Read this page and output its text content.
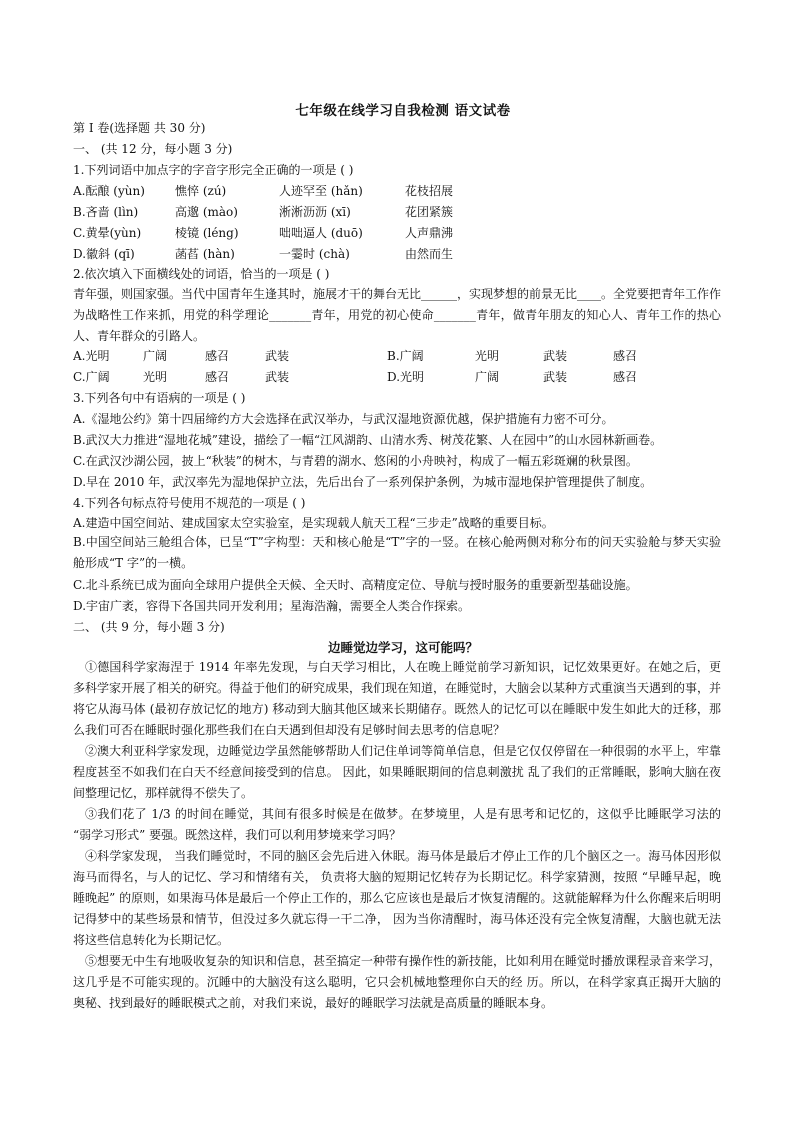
七年级在线学习自我检测 语文试卷
第 I 卷(选择题 共 30 分)
一、 (共 12 分，每小题 3 分)
1.下列词语中加点字的字音字形完全正确的一项是 ( )
A.酝酿 (yùn)	憔悴 (zú)	人迹罕至 (hǎn)	花枝招展
B.吝啬 (lìn)	高邈 (mào)	淅淅沥沥 (xī)	花团紧簇
C.黄晕(yùn)	棱镜 (léng)	咄咄逼人 (duō)	人声鼎沸
D.徽斜 (qī)	菡萏 (hàn)	一霎时 (chà)	由然而生
2.依次填入下面横线处的词语，恰当的一项是 ( )
青年强，则国家强。当代中国青年生逢其时，施展才干的舞台无比______，实现梦想的前景无比____。全党要把青年工作作为战略性工作来抓，用党的科学理论_______青年，用党的初心使命_______青年，做青年朋友的知心人、青年工作的热心人、青年群众的引路人。
A.光明	广阔	感召	武装	B.广阔	光明	武装	感召
C.广阔	光明	感召	武装	D.光明	广阔	武装	感召
3.下列各句中有语病的一项是 ( )
A.《湿地公约》第十四届缔约方大会选择在武汉举办，与武汉湿地资源优越，保护措施有力密不可分。
B.武汉大力推进“湿地花城”建设，描绘了一幅“江风湖韵、山清水秀、树茂花繁、人在园中”的山水园林新画卷。
C.在武汉沙湖公园，披上“秋装”的树木，与青碧的湖水、悠闲的小舟映衬，构成了一幅五彩斑斓的秋景图。
D.早在 2010 年，武汉率先为湿地保护立法，先后出台了一系列保护条例，为城市湿地保护管理提供了制度。
4.下列各句标点符号使用不规范的一项是 ( )
A.建造中国空间站、建成国家太空实验室，是实现载人航天工程“三步走”战略的重要目标。
B.中国空间站三舱组合体，已呈“T”字构型：天和核心舱是“T”字的一竖。在核心舱两侧对称分布的问天实验舱与梦天实验舱形成“T 字”的一横。
C.北斗系统已成为面向全球用户提供全天候、全天时、高精度定位、导航与授时服务的重要新型基础设施。
D.宇宙广袤，容得下各国共同开发利用；星海浩瀚，需要全人类合作探索。
二、 (共 9 分，每小题 3 分)
边睡觉边学习，这可能吗？
①德国科学家海涅于 1914 年率先发现，与白天学习相比，人在晚上睡觉前学习新知识，记忆效果更好。在她之后，更多科学家开展了相关的研究。得益于他们的研究成果，我们现在知道，在睡觉时，大脑会以某种方式重演当天遇到的事，并将它从海马体 (最初存放记忆的地方) 移动到大脑其他区域来长期储存。既然人的记忆可以在睡眠中发生如此大的迁移，那么我们可否在睡眠时强化那些我们在白天遇到但却没有足够时间去思考的信息呢？
②澳大利亚科学家发现，边睡觉边学虽然能够帮助人们记住单词等简单信息，但是它仅仅停留在一种很弱的水平上，牢靠程度甚至不如我们在白天不经意间接受到的信息。 因此，如果睡眠期间的信息刺激扰 乱了我们的正常睡眠，影响大脑在夜间整理记忆，那样就得不偿失了。
③我们花了 1/3 的时间在睡觉，其间有很多时候是在做梦。在梦境里，人是有思考和记忆的，这似乎比睡眠学习法的 “弱学习形式” 要强。既然这样，我们可以利用梦境来学习吗？
④科学家发现， 当我们睡觉时，不同的脑区会先后进入休眠。海马体是最后才停止工作的几个脑区之一。海马体因形似海马而得名，与人的记忆、学习和情绪有关， 负责将大脑的短期记忆转存为长期记忆。科学家猜测，按照 “早睡早起，晚睡晚起” 的原则，如果海马体是最后一个停止工作的，那么它应该也是最后才恢复清醒的。这就能解释为什么你醒来后明明记得梦中的某些场景和情节，但没过多久就忘得一干二净， 因为当你清醒时，海马体还没有完全恢复清醒，大脑也就无法将这些信息转化为长期记忆。
⑤想要无中生有地吸收复杂的知识和信息，甚至搞定一种带有操作性的新技能，比如利用在睡觉时播放课程录音来学习，这几乎是不可能实现的。沉睡中的大脑没有这么聪明，它只会机械地整理你白天的经 历。所以，在科学家真正揭开大脑的奥秘、找到最好的睡眠模式之前，对我们来说，最好的睡眠学习法就是高质量的睡眠本身。
